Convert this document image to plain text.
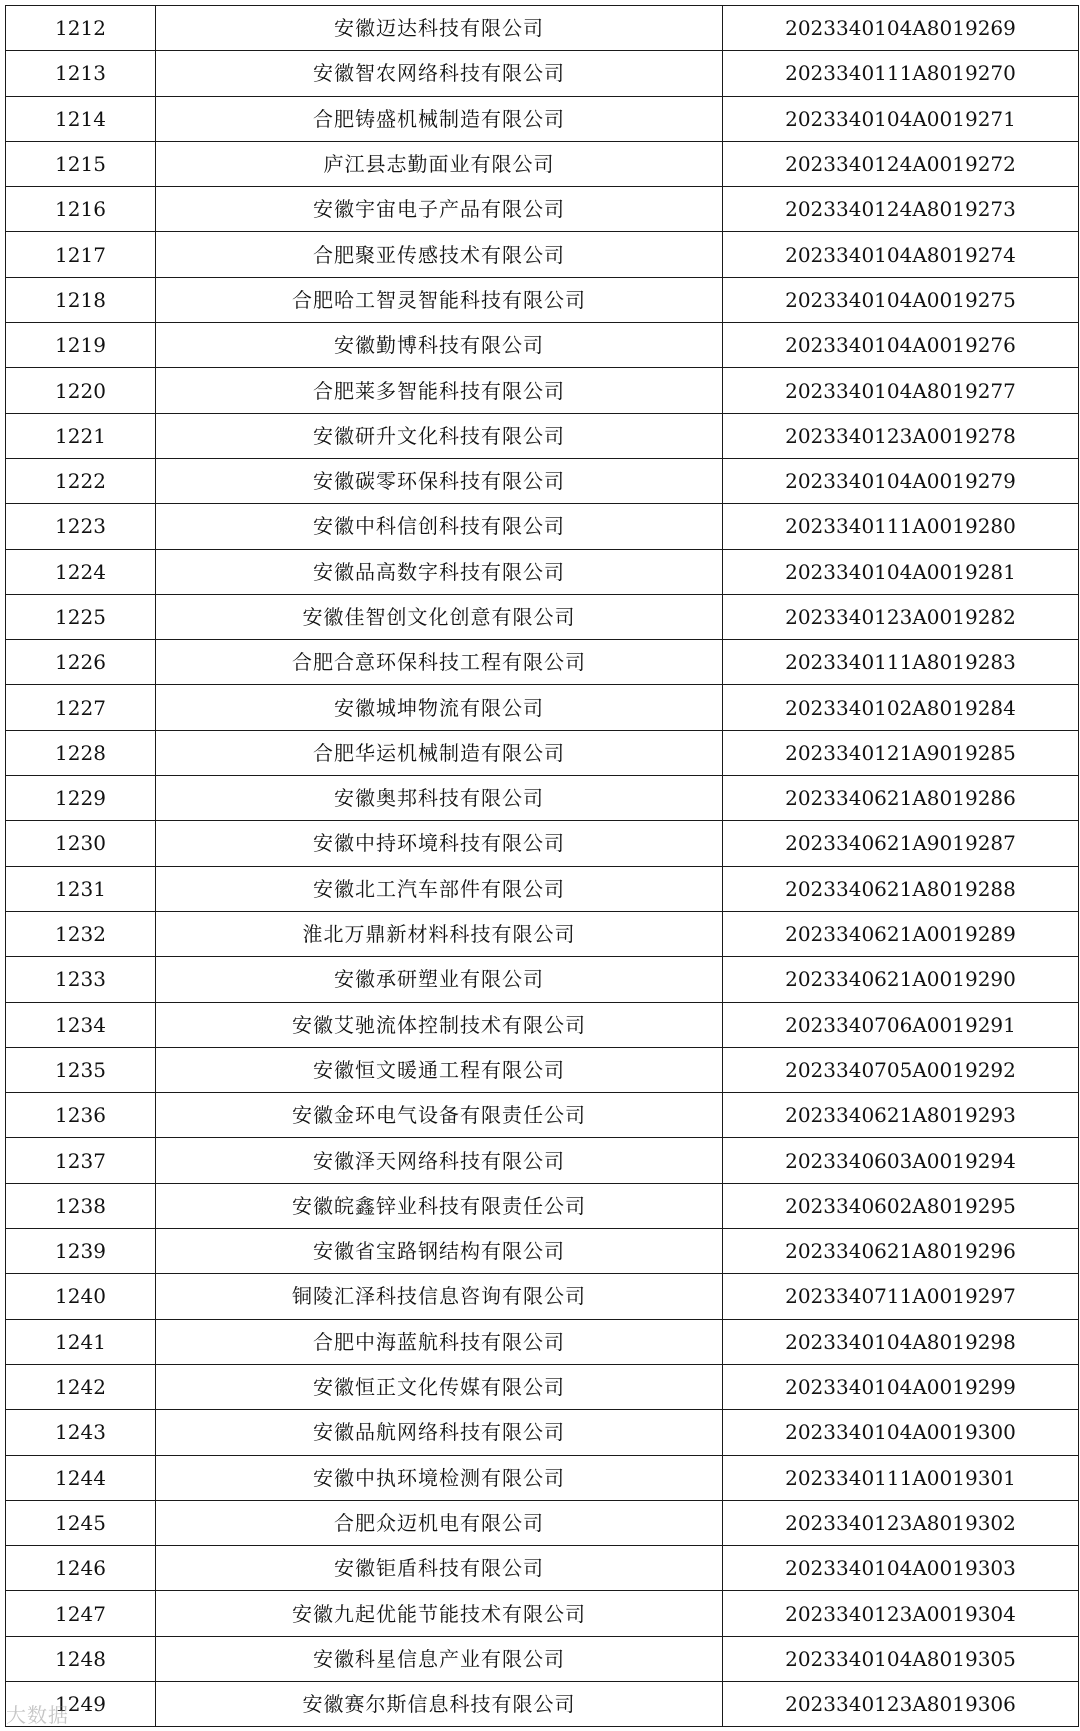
1212	安徽迈达科技有限公司	2023340104A8019269
1213	安徽智农网络科技有限公司	2023340111A8019270
1214	合肥铸盛机械制造有限公司	2023340104A0019271
1215	庐江县志勤面业有限公司	2023340124A0019272
1216	安徽宇宙电子产品有限公司	2023340124A8019273
1217	合肥聚亚传感技术有限公司	2023340104A8019274
1218	合肥哈工智灵智能科技有限公司	2023340104A0019275
1219	安徽勤博科技有限公司	2023340104A0019276
1220	合肥莱多智能科技有限公司	2023340104A8019277
1221	安徽研升文化科技有限公司	2023340123A0019278
1222	安徽碳零环保科技有限公司	2023340104A0019279
1223	安徽中科信创科技有限公司	2023340111A0019280
1224	安徽品高数字科技有限公司	2023340104A0019281
1225	安徽佳智创文化创意有限公司	2023340123A0019282
1226	合肥合意环保科技工程有限公司	2023340111A8019283
1227	安徽城坤物流有限公司	2023340102A8019284
1228	合肥华运机械制造有限公司	2023340121A9019285
1229	安徽奥邦科技有限公司	2023340621A8019286
1230	安徽中持环境科技有限公司	2023340621A9019287
1231	安徽北工汽车部件有限公司	2023340621A8019288
1232	淮北万鼎新材料科技有限公司	2023340621A0019289
1233	安徽承研塑业有限公司	2023340621A0019290
1234	安徽艾驰流体控制技术有限公司	2023340706A0019291
1235	安徽恒文暖通工程有限公司	2023340705A0019292
1236	安徽金环电气设备有限责任公司	2023340621A8019293
1237	安徽泽天网络科技有限公司	2023340603A0019294
1238	安徽皖鑫锌业科技有限责任公司	2023340602A8019295
1239	安徽省宝路钢结构有限公司	2023340621A8019296
1240	铜陵汇泽科技信息咨询有限公司	2023340711A0019297
1241	合肥中海蓝航科技有限公司	2023340104A8019298
1242	安徽恒正文化传媒有限公司	2023340104A0019299
1243	安徽品航网络科技有限公司	2023340104A0019300
1244	安徽中执环境检测有限公司	2023340111A0019301
1245	合肥众迈机电有限公司	2023340123A8019302
1246	安徽钜盾科技有限公司	2023340104A0019303
1247	安徽九起优能节能技术有限公司	2023340123A0019304
1248	安徽科星信息产业有限公司	2023340104A8019305
1249	安徽赛尔斯信息科技有限公司	2023340123A8019306
大数据
